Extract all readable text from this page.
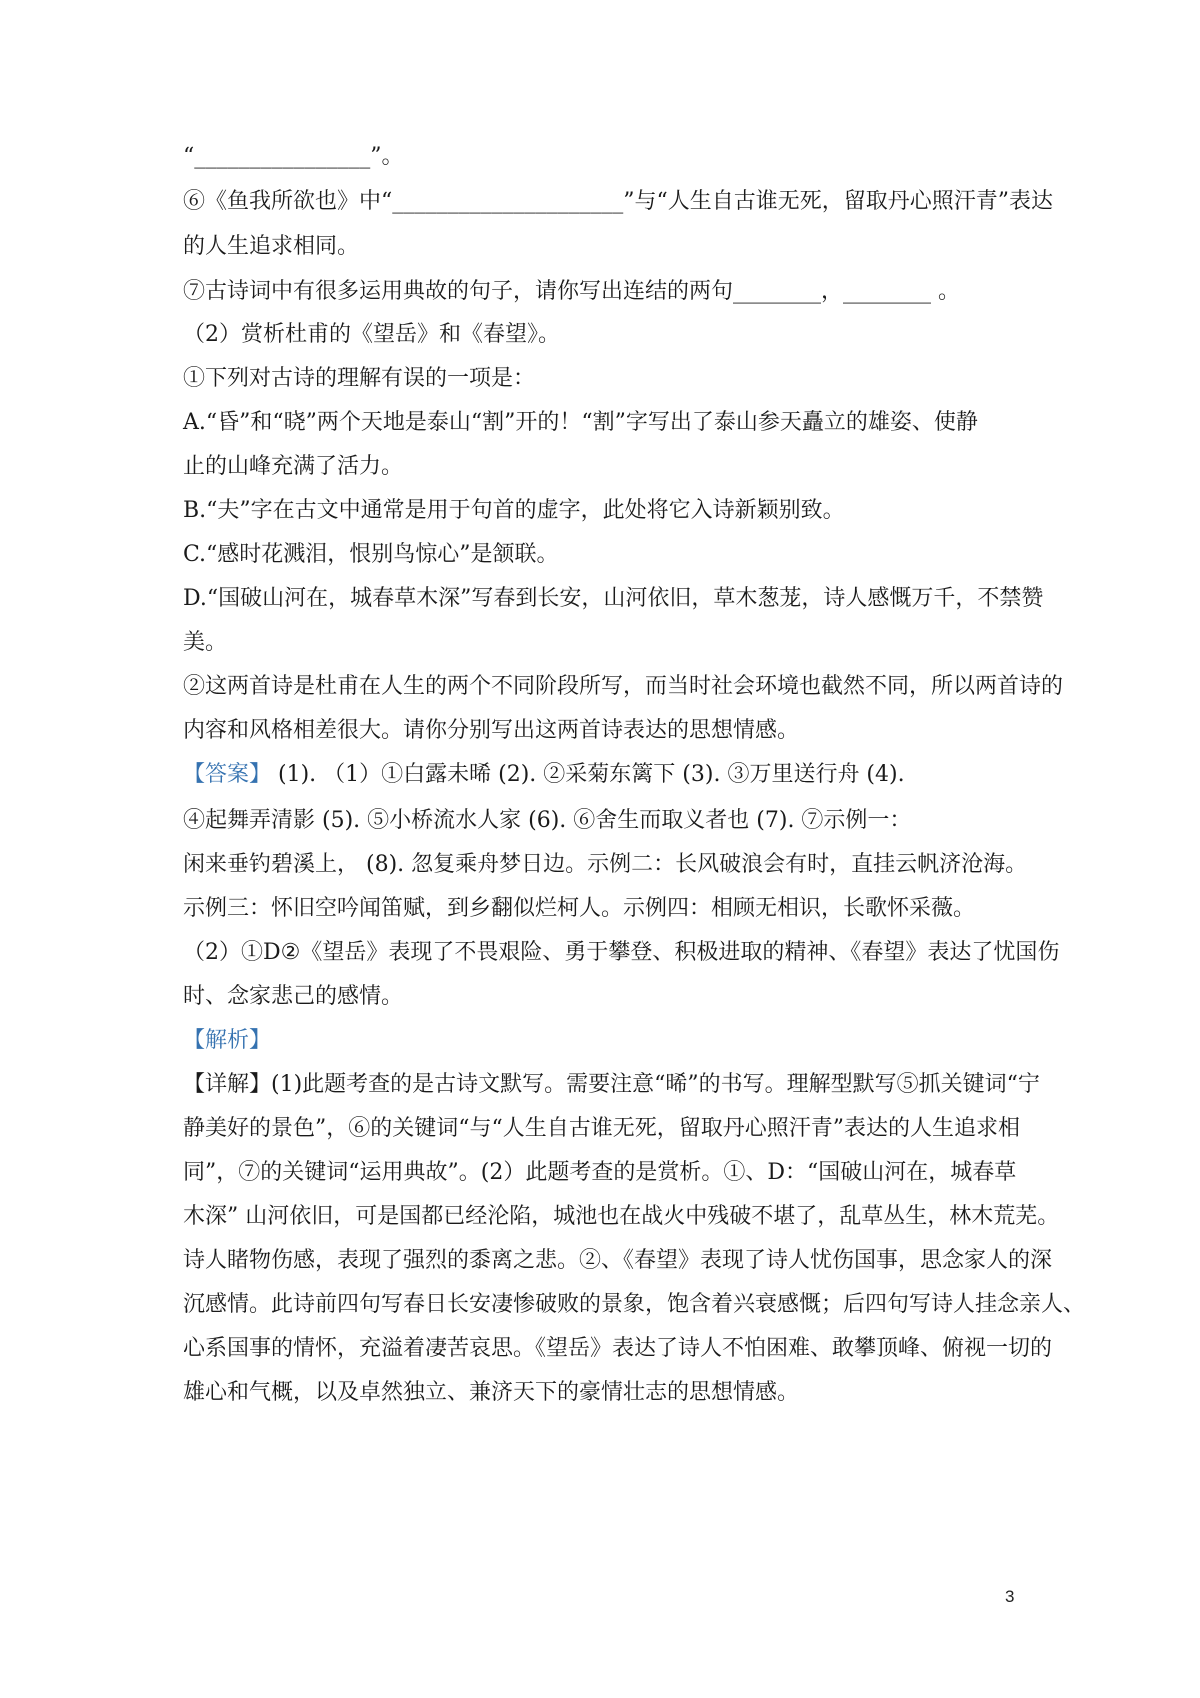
“________________”。
⑥《鱼我所欲也》中“_____________________”与“人生自古谁无死，留取丹心照汗青”表达
的人生追求相同。
⑦古诗词中有很多运用典故的句子，请你写出连结的两句________，________ 。
（2）赏析杜甫的《望岳》和《春望》。
①下列对古诗的理解有误的一项是：
A.“昏”和“晓”两个天地是泰山“割”开的！“割”字写出了泰山参天矗立的雄姿、使静
止的山峰充满了活力。
B.“夫”字在古文中通常是用于句首的虚字，此处将它入诗新颖别致。
C.“感时花溅泪，恨别鸟惊心”是颔联。
D.“国破山河在，城春草木深”写春到长安，山河依旧，草木葱茏，诗人感慨万千，不禁赞
美。
②这两首诗是杜甫在人生的两个不同阶段所写，而当时社会环境也截然不同，所以两首诗的
内容和风格相差很大。请你分别写出这两首诗表达的思想情感。
【答案】 (1). （1）①白露未晞 (2). ②采菊东篱下 (3). ③万里送行舟 (4).
④起舞弄清影 (5). ⑤小桥流水人家 (6). ⑥舍生而取义者也 (7). ⑦示例一：
闲来垂钓碧溪上， (8). 忽复乘舟梦日边。示例二：长风破浪会有时，直挂云帆济沧海。
示例三：怀旧空吟闻笛赋，到乡翻似烂柯人。示例四：相顾无相识，长歌怀采薇。
（2）①D②《望岳》表现了不畏艰险、勇于攀登、积极进取的精神、《春望》表达了忧国伤
时、念家悲己的感情。
【解析】
【详解】(1)此题考查的是古诗文默写。需要注意“晞”的书写。理解型默写⑤抓关键词“宁
静美好的景色”，⑥的关键词“与“人生自古谁无死，留取丹心照汗青”表达的人生追求相
同”，⑦的关键词“运用典故”。(2）此题考查的是赏析。①、D：“国破山河在，城春草
木深” 山河依旧，可是国都已经沦陷，城池也在战火中残破不堪了，乱草丛生，林木荒芜。
诗人睹物伤感，表现了强烈的黍离之悲。②、《春望》表现了诗人忧伤国事，思念家人的深
沉感情。此诗前四句写春日长安凄惨破败的景象，饱含着兴衰感慨；后四句写诗人挂念亲人、
心系国事的情怀，充溢着凄苦哀思。《望岳》表达了诗人不怕困难、敢攀顶峰、俯视一切的
雄心和气概，以及卓然独立、兼济天下的豪情壮志的思想情感。
3
